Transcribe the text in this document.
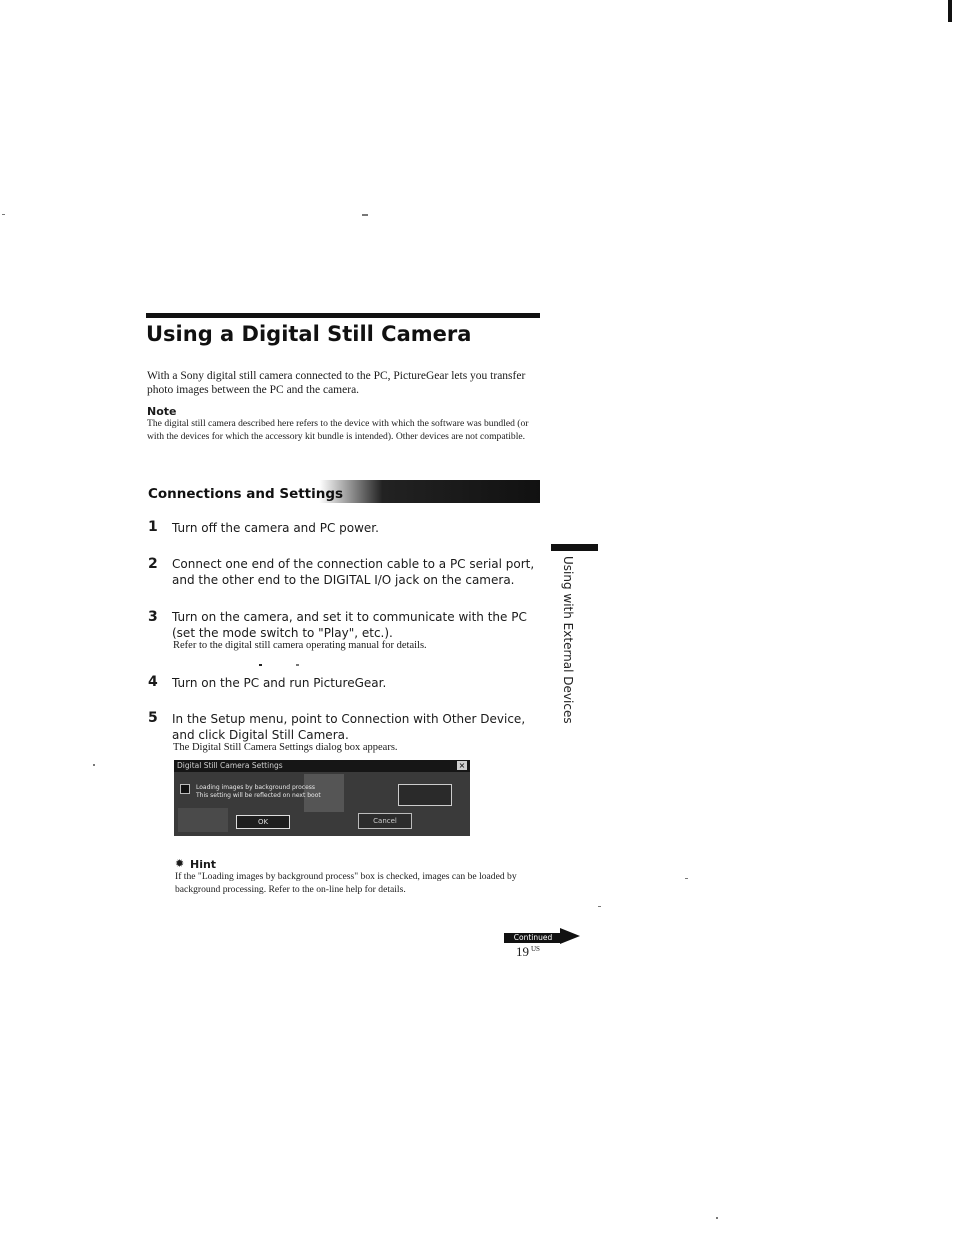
Using a Digital Still Camera
With a Sony digital still camera connected to the PC, PictureGear lets you transfer photo images between the PC and the camera.
Note
The digital still camera described here refers to the device with which the software was bundled (or with the devices for which the accessory kit bundle is intended). Other devices are not compatible.
Connections and Settings
1 Turn off the camera and PC power.
2 Connect one end of the connection cable to a PC serial port, and the other end to the DIGITAL I/O jack on the camera.
3 Turn on the camera, and set it to communicate with the PC (set the mode switch to "Play", etc.).
Refer to the digital still camera operating manual for details.
4 Turn on the PC and run PictureGear.
5 In the Setup menu, point to Connection with Other Device, and click Digital Still Camera.
The Digital Still Camera Settings dialog box appears.
Using with External Devices
Digital Still Camera Settings	×
Loading images by background process
This setting will be reflected on next boot
OK	Cancel
✹ Hint
If the "Loading images by background process" box is checked, images can be loaded by background processing. Refer to the on-line help for details.
Continued
19 $^{US}$
